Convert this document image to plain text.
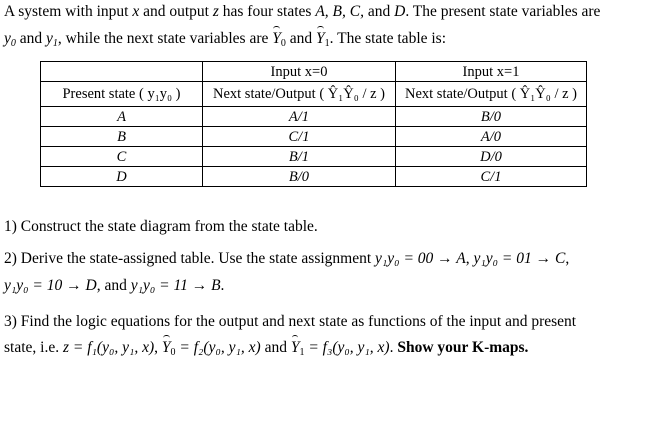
A system with input x and output z has four states A, B, C, and D. The present state variables are
$y_0$ and $y_1$, while the next state variables are $Y_0$ and $Y_1$. The state table is:
	Input x=0	Input x=1
Present state ( y₁y₀ )	Next state/Output ( Ŷ₁Ŷ₀ / z )	Next state/Output ( Ŷ₁Ŷ₀ / z )
A	A/1	B/0
B	C/1	A/0
C	B/1	D/0
D	B/0	C/1
1) Construct the state diagram from the state table.
2) Derive the state-assigned table. Use the state assignment y₁y₀ = 00 → A, y₁y₀ = 01 → C,
y₁y₀ = 10 → D, and y₁y₀ = 11 → B.
3) Find the logic equations for the output and next state as functions of the input and present
state, i.e. z = f₁(y₀, y₁, x), $Y_0 = f_2(y_0$, y₁, x) and $Y_1 = f_3(y_0$, y₁, x). Show your K-maps.
